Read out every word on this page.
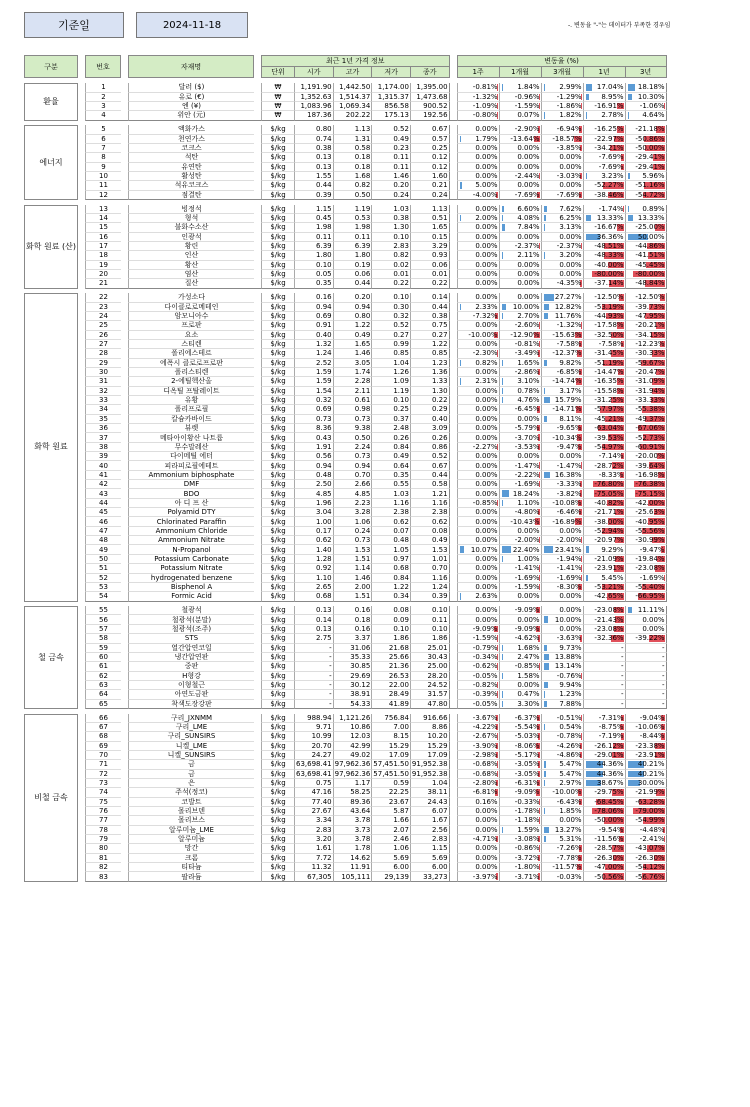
기준일	2024-11-18	-. 변동율 "-"는 데이터가 부족한 경우임
구분		번호		자재명		최근 1년 가격 정보						변동율 (%)				
						단위	시가	고가	저가	종가		1주	1개월	3개월	1년	3년

환율		1		달러 ($)		₩	1,191.90	1,442.50	1,174.00	1,395.00		-0.81%	1.84%	2.99%	17.04%	18.18%
		2		유로 (€)		₩	1,352.63	1,514.37	1,315.37	1,473.68		-1.32%	-0.96%	-1.29%	8.95%	10.30%
		3		엔 (¥)		₩	1,083.96	1,069.34	856.58	900.52		-1.09%	-1.59%	-1.86%	-16.91%	-1.06%
		4		위안 (元)		₩	187.36	202.22	175.13	192.56		-0.80%	0.07%	1.82%	2.78%	4.64%

에너지		5		액화가스		$/kg	0.80	1.13	0.52	0.67		0.00%	-2.90%	-6.94%	-16.25%	-21.18%
		6		천연가스		$/kg	0.74	1.31	0.49	0.57		1.79%	-13.64%	-18.57%	-22.97%	-50.86%
		7		코크스		$/kg	0.38	0.58	0.23	0.25		0.00%	0.00%	-3.85%	-34.21%	-50.00%
		8		석탄		$/kg	0.13	0.18	0.11	0.12		0.00%	0.00%	0.00%	-7.69%	-29.41%
		9		유연탄		$/kg	0.13	0.18	0.11	0.12		0.00%	0.00%	0.00%	-7.69%	-29.41%
		10		활성탄		$/kg	1.55	1.68	1.46	1.60		0.00%	-2.44%	-3.03%	3.23%	5.96%
		11		석유코크스		$/kg	0.44	0.82	0.20	0.21		5.00%	0.00%	0.00%	-52.27%	-51.16%
		12		점결탄		$/kg	0.39	0.50	0.24	0.24		-4.00%	-7.69%	-7.69%	-38.46%	-54.72%

화학 원료 (산)		13		빙정석		$/kg	1.15	1.19	1.03	1.13		0.00%	6.60%	7.62%	-1.74%	0.89%
		14		형석		$/kg	0.45	0.53	0.38	0.51		2.00%	4.08%	6.25%	13.33%	13.33%
		15		불화수소산		$/kg	1.98	1.98	1.30	1.65		0.00%	7.84%	3.13%	-16.67%	-25.00%
		16		인광석		$/kg	0.11	0.11	0.10	0.15		0.00%	0.00%	0.00%	36.36%	50.00%
		17		황린		$/kg	6.39	6.39	2.83	3.29		0.00%	-2.37%	-2.37%	-48.51%	-44.86%
		18		인산		$/kg	1.80	1.80	0.82	0.93		0.00%	2.11%	3.20%	-48.33%	-41.51%
		19		황산		$/kg	0.10	0.19	0.02	0.06		0.00%	0.00%	0.00%	-40.00%	-45.45%
		20		염산		$/kg	0.05	0.06	0.01	0.01		0.00%	0.00%	0.00%	-80.00%	-80.00%
		21		질산		$/kg	0.35	0.44	0.22	0.22		0.00%	0.00%	-4.35%	-37.14%	-48.84%

화학 원료		22		가성소다		$/kg	0.16	0.20	0.10	0.14		0.00%	0.00%	27.27%	-12.50%	-12.50%
		23		다이클로로메테인		$/kg	0.94	0.94	0.30	0.44		2.33%	10.00%	12.82%	-53.19%	-39.73%
		24		암모니아수		$/kg	0.69	0.80	0.32	0.38		-7.32%	2.70%	11.76%	-44.93%	-47.95%
		25		프로판		$/kg	0.91	1.22	0.52	0.75		0.00%	-2.60%	-1.32%	-17.58%	-20.21%
		26		요소		$/kg	0.40	0.49	0.27	0.27		-10.00%	-12.90%	-15.63%	-32.50%	-34.15%
		27		스티렌		$/kg	1.32	1.65	0.99	1.22		0.00%	-0.81%	-7.58%	-7.58%	-12.23%
		28		폴리에스테르		$/kg	1.24	1.46	0.85	0.85		-2.30%	-3.49%	-12.37%	-31.45%	-30.33%
		29		에폭시 클로로프로판		$/kg	2.52	3.05	1.04	1.23		0.82%	1.65%	9.82%	-51.19%	-59.67%
		30		폴리스티렌		$/kg	1.59	1.74	1.26	1.36		0.00%	-2.86%	-6.85%	-14.47%	-20.47%
		31		2-에틸헥산올		$/kg	1.59	2.28	1.09	1.33		2.31%	3.10%	-14.74%	-16.35%	-31.09%
		32		디옥틸 프탈레이트		$/kg	1.54	2.11	1.19	1.30		0.00%	0.78%	3.17%	-15.58%	-31.94%
		33		유황		$/kg	0.32	0.61	0.10	0.22		0.00%	4.76%	15.79%	-31.25%	-33.33%
		34		폴리프로필		$/kg	0.69	0.98	0.25	0.29		0.00%	-6.45%	-14.71%	-57.97%	-55.38%
		35		칼슘카바이드		$/kg	0.73	0.73	0.37	0.40		0.00%	0.00%	8.11%	-45.21%	-49.37%
		36		뷰렛		$/kg	8.36	9.38	2.48	3.09		0.00%	-5.79%	-9.65%	-63.04%	-67.06%
		37		메타아이황산 나트륨		$/kg	0.43	0.50	0.26	0.26		0.00%	-3.70%	-10.34%	-39.53%	-52.73%
		38		무수말레산		$/kg	1.91	2.24	0.84	0.86		-2.27%	-3.53%	-9.47%	-54.97%	-60.91%
		39		다이메틸 에터		$/kg	0.56	0.73	0.49	0.52		0.00%	0.00%	0.00%	-7.14%	-20.00%
		40		피라피로필에테트		$/kg	0.94	0.94	0.64	0.67		0.00%	-1.47%	-1.47%	-28.72%	-39.64%
		41		Ammonium biphosphate		$/kg	0.48	0.70	0.35	0.44		0.00%	-2.22%	16.38%	-8.33%	-16.98%
		42		DMF		$/kg	2.50	2.66	0.55	0.58		0.00%	-1.69%	-3.33%	-76.80%	-76.38%
		43		BDO		$/kg	4.85	4.85	1.03	1.21		0.00%	18.24%	-3.82%	-75.05%	-75.15%
		44		아 디 프 산		$/kg	1.96	2.23	1.16	1.16		-0.85%	1.10%	-10.08%	-40.82%	-42.00%
		45		Polyamid DTY		$/kg	3.04	3.28	2.38	2.38		0.00%	-4.80%	-6.46%	-21.71%	-25.63%
		46		Chlorinated Paraffin		$/kg	1.00	1.06	0.62	0.62		0.00%	-10.43%	-16.89%	-38.00%	-40.95%
		47		Ammonium Chloride		$/kg	0.17	0.24	0.07	0.08		0.00%	0.00%	0.00%	-52.94%	-55.56%
		48		Ammonium Nitrate		$/kg	0.62	0.73	0.48	0.49		0.00%	-2.00%	-2.00%	-20.97%	-30.99%
		49		N-Propanol		$/kg	1.40	1.53	1.05	1.53		10.07%	22.40%	23.41%	9.29%	-9.47%
		50		Potassium Carbonate		$/kg	1.28	1.51	0.97	1.01		0.00%	1.00%	-1.94%	-21.09%	-19.84%
		51		Potassium Nitrate		$/kg	0.92	1.14	0.68	0.70		0.00%	-1.41%	-1.41%	-23.91%	-23.08%
		52		hydrogenated benzene		$/kg	1.10	1.46	0.84	1.16		0.00%	-1.69%	-1.69%	5.45%	-1.69%
		53		Bisphenol A		$/kg	2.65	2.00	1.22	1.24		0.00%	-1.59%	-8.30%	-53.21%	-55.40%
		54		Formic Acid		$/kg	0.68	1.51	0.34	0.39		2.63%	0.00%	0.00%	-42.65%	-66.95%

철 금속		55		철광석		$/kg	0.13	0.16	0.08	0.10		0.00%	-9.09%	0.00%	-23.08%	11.11%
		56		철광석(분말)		$/kg	0.14	0.18	0.09	0.11		0.00%	0.00%	10.00%	-21.43%	0.00%
		57		철광석(조주)		$/kg	0.13	0.16	0.10	0.10		-9.09%	-9.09%	0.00%	-23.08%	0.00%
		58		STS		$/kg	2.75	3.37	1.86	1.86		-1.59%	-4.62%	-3.63%	-32.36%	-39.22%
		59		열간압연코일		$/kg	-	31.06	21.68	25.01		-0.79%	1.68%	9.73%	-	-
		60		냉간압연판		$/kg	-	35.33	25.66	30.43		-0.34%	2.47%	13.88%	-	-
		61		중판		$/kg	-	30.85	21.36	25.00		-0.62%	-0.85%	13.14%	-	-
		62		H형강		$/kg	-	29.69	26.53	28.20		-0.05%	1.58%	-0.76%	-	-
		63		이형철근		$/kg	-	30.12	22.00	24.52		-0.82%	0.00%	9.94%	-	-
		64		아연도금판		$/kg	-	38.91	28.49	31.57		-0.39%	0.47%	1.23%	-	-
		65		착색도장강판		$/kg	-	54.33	41.89	47.80		-0.05%	3.30%	7.88%	-	-

비철 금속		66		구리_JXNMM		$/kg	988.94	1,121.26	756.84	916.66		-3.67%	-6.37%	-0.51%	-7.31%	-9.04%
		67		구리_LME		$/kg	9.71	10.86	7.00	8.86		-4.22%	-5.54%	0.54%	-8.75%	-10.06%
		68		구리_SUNSIRS		$/kg	10.99	12.03	8.15	10.20		-2.67%	-5.03%	-0.78%	-7.19%	-8.44%
		69		니켈_LME		$/kg	20.70	42.99	15.29	15.29		-3.90%	-8.06%	-4.26%	-26.12%	-23.38%
		70		니켈_SUNSIRS		$/kg	24.27	49.02	17.09	17.09		-2.98%	-5.17%	-4.86%	-29.01%	-23.91%
		71		금		$/kg	63,698.41	97,962.36	57,451.50	91,952.38		-0.68%	-3.05%	5.47%	44.36%	40.21%
		72		금		$/kg	63,698.41	97,962.36	57,451.50	91,952.38		-0.68%	-3.05%	5.47%	44.36%	40.21%
		73		은		$/kg	0.75	1.17	0.59	1.04		-2.80%	-6.31%	2.97%	38.67%	30.00%
		74		주석(정코)		$/kg	47.16	58.25	22.25	38.11		-6.81%	-9.09%	-10.00%	-29.75%	-21.99%
		75		코발트		$/kg	77.40	89.36	23.67	24.43		0.16%	-0.33%	-6.43%	-68.45%	-63.28%
		76		몰리브덴		$/kg	27.67	43.64	5.87	6.07		0.00%	-1.78%	1.85%	-78.06%	-79.00%
		77		몰리브스		$/kg	3.34	3.78	1.66	1.67		0.00%	-1.18%	0.00%	-50.00%	-54.99%
		78		알루미늄_LME		$/kg	2.83	3.73	2.07	2.56		0.00%	1.59%	13.27%	-9.54%	-4.48%
		79		알루미늄		$/kg	3.20	3.78	2.46	2.83		-4.71%	-3.08%	5.31%	-11.56%	-2.41%
		80		망간		$/kg	1.61	1.78	1.06	1.15		0.00%	-0.86%	-7.26%	-28.57%	-43.07%
		81		크롬		$/kg	7.72	14.62	5.69	5.69		0.00%	-3.72%	-7.78%	-26.30%	-26.30%
		82		티타늄		$/kg	11.32	11.91	6.00	6.00		0.00%	-1.80%	-11.57%	-47.00%	-54.12%
		83		팔라듐		$/kg	67,305	105,111	29,139	33,273		-3.97%	-3.71%	-0.03%	-50.56%	-56.76%
